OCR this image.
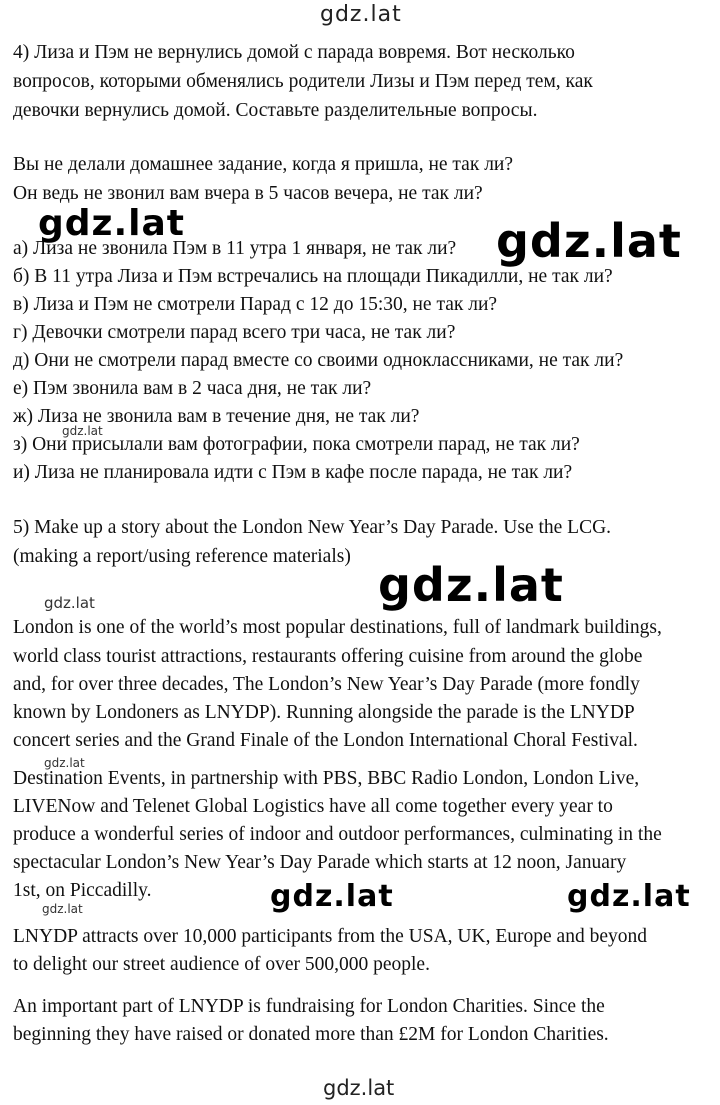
4) Лиза и Пэм не вернулись домой с парада вовремя. Вот несколько

вопросов, которыми обменялись родители Лизы и Пэм перед тем, как

девочки вернулись домой. Составьте разделительные вопросы.

Вы не делали домашнее задание, когда я пришла, не так ли?

Он ведь не звонил вам вчера в 5 часов вечера, не так ли?

а) Лиза не звонила Пэм в 11 утра 1 января, не так ли?

б) В 11 утра Лиза и Пэм встречались на площади Пикадилли, не так ли?

в) Лиза и Пэм не смотрели Парад с 12 до 15:30, не так ли?

г) Девочки смотрели парад всего три часа, не так ли?

д) Они не смотрели парад вместе со своими одноклассниками, не так ли?

е) Пэм звонила вам в 2 часа дня, не так ли?

ж) Лиза не звонила вам в течение дня, не так ли?

з) Они присылали вам фотографии, пока смотрели парад, не так ли?

и) Лиза не планировала идти с Пэм в кафе после парада, не так ли?

5) Make up a story about the London New Year’s Day Parade. Use the LCG.

(making a report/using reference materials)

London is one of the world’s most popular destinations, full of landmark buildings,

world class tourist attractions, restaurants offering cuisine from around the globe

and, for over three decades, The London’s New Year’s Day Parade (more fondly

known by Londoners as LNYDP). Running alongside the parade is the LNYDP

concert series and the Grand Finale of the London International Choral Festival.

Destination Events, in partnership with PBS, BBC Radio London, London Live,

LIVENow and Telenet Global Logistics have all come together every year to

produce a wonderful series of indoor and outdoor performances, culminating in the

spectacular London’s New Year’s Day Parade which starts at 12 noon, January

1st, on Piccadilly.

LNYDP attracts over 10,000 participants from the USA, UK, Europe and beyond

to delight our street audience of over 500,000 people.

An important part of LNYDP is fundraising for London Charities. Since the

beginning they have raised or donated more than £2M for London Charities.

gdz.lat
gdz.lat	gdz.lat
gdz.lat
gdz.lat
gdz.lat
gdz.lat
gdz.lat	gdz.lat
gdz.lat
gdz.lat
